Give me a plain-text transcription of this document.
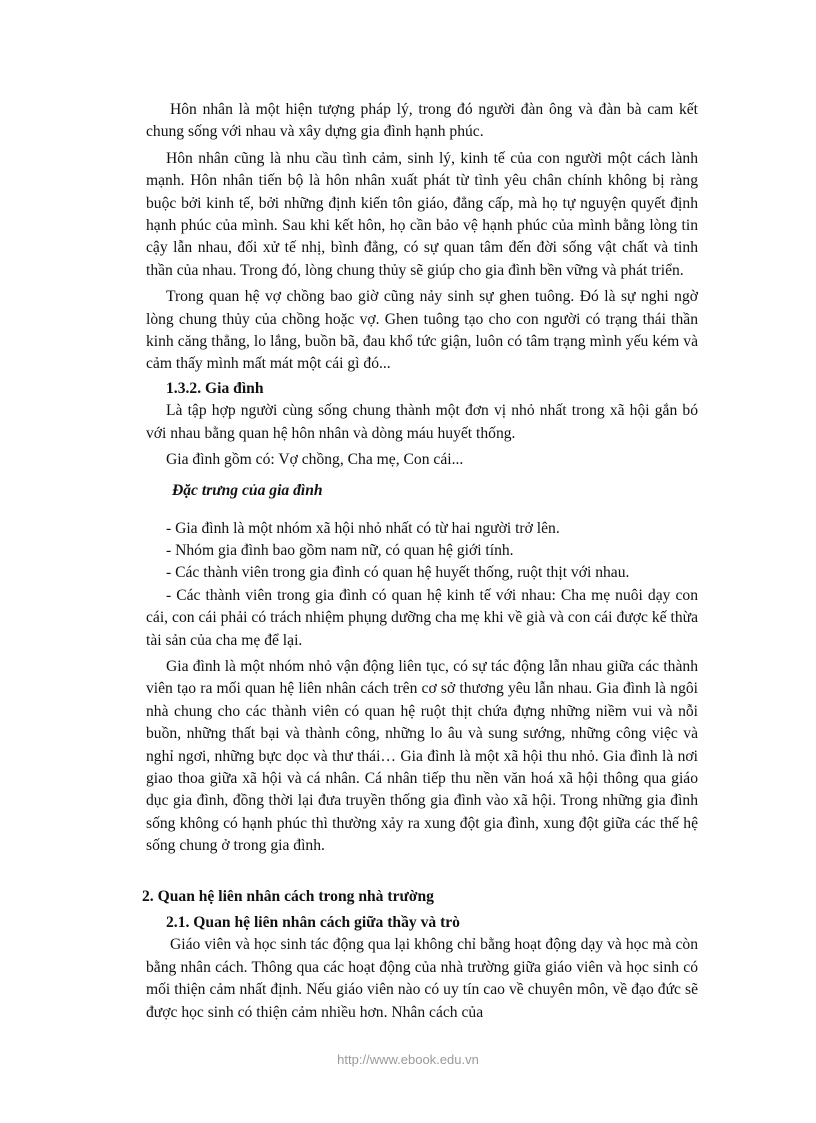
Hôn nhân là một hiện tượng pháp lý, trong đó người đàn ông và đàn bà cam kết chung sống với nhau và xây dựng gia đình hạnh phúc.

Hôn nhân cũng là nhu cầu tình cảm, sinh lý, kinh tế của con người một cách lành mạnh. Hôn nhân tiến bộ là hôn nhân xuất phát từ tình yêu chân chính không bị ràng buộc bởi kinh tế, bởi những định kiến tôn giáo, đẳng cấp, mà họ tự nguyện quyết định hạnh phúc của mình. Sau khi kết hôn, họ cần bảo vệ hạnh phúc của mình bằng lòng tin cậy lẫn nhau, đối xử tế nhị, bình đẳng, có sự quan tâm đến đời sống vật chất và tinh thần của nhau. Trong đó, lòng chung thủy sẽ giúp cho gia đình bền vững và phát triển.

Trong quan hệ vợ chồng bao giờ cũng nảy sinh sự ghen tuông. Đó là sự nghi ngờ lòng chung thủy của chồng hoặc vợ. Ghen tuông tạo cho con người có trạng thái thần kinh căng thẳng, lo lắng, buồn bã, đau khổ tức giận, luôn có tâm trạng mình yếu kém và cảm thấy mình mất mát một cái gì đó...

1.3.2. Gia đình

Là tập hợp người cùng sống chung thành một đơn vị nhỏ nhất trong xã hội gắn bó với nhau bằng quan hệ hôn nhân và dòng máu huyết thống.

Gia đình gồm có: Vợ chồng, Cha mẹ, Con cái...

Đặc trưng của gia đình

- Gia đình là một nhóm xã hội nhỏ nhất có từ hai người trở lên.

- Nhóm gia đình bao gồm nam nữ, có quan hệ giới tính.

- Các thành viên trong gia đình có quan hệ huyết thống, ruột thịt với nhau.

- Các thành viên trong gia đình có quan hệ kinh tế với nhau: Cha mẹ nuôi dạy con cái, con cái phải có trách nhiệm phụng dưỡng cha mẹ khi về già và con cái được kế thừa tài sản của cha mẹ để lại.

Gia đình là một nhóm nhỏ vận động liên tục, có sự tác động lẫn nhau giữa các thành viên tạo ra mối quan hệ liên nhân cách trên cơ sở thương yêu lẫn nhau. Gia đình là ngôi nhà chung cho các thành viên có quan hệ ruột thịt chứa đựng những niềm vui và nỗi buồn, những thất bại và thành công, những lo âu và sung sướng, những công việc và nghỉ ngơi, những bực dọc và thư thái… Gia đình là một xã hội thu nhỏ. Gia đình là nơi giao thoa giữa xã hội và cá nhân. Cá nhân tiếp thu nền văn hoá xã hội thông qua giáo dục gia đình, đồng thời lại đưa truyền thống gia đình vào xã hội. Trong những gia đình sống không có hạnh phúc thì thường xảy ra xung đột gia đình, xung đột giữa các thế hệ sống chung ở trong gia đình.

2. Quan hệ liên nhân cách trong nhà trường

2.1. Quan hệ liên nhân cách giữa thầy và trò

Giáo viên và học sinh tác động qua lại không chỉ bằng hoạt động dạy và học mà còn bằng nhân cách. Thông qua các hoạt động của nhà trường giữa giáo viên và học sinh có mối thiện cảm nhất định. Nếu giáo viên nào có uy tín cao về chuyên môn, về đạo đức sẽ được học sinh có thiện cảm nhiều hơn. Nhân cách của

http://www.ebook.edu.vn
